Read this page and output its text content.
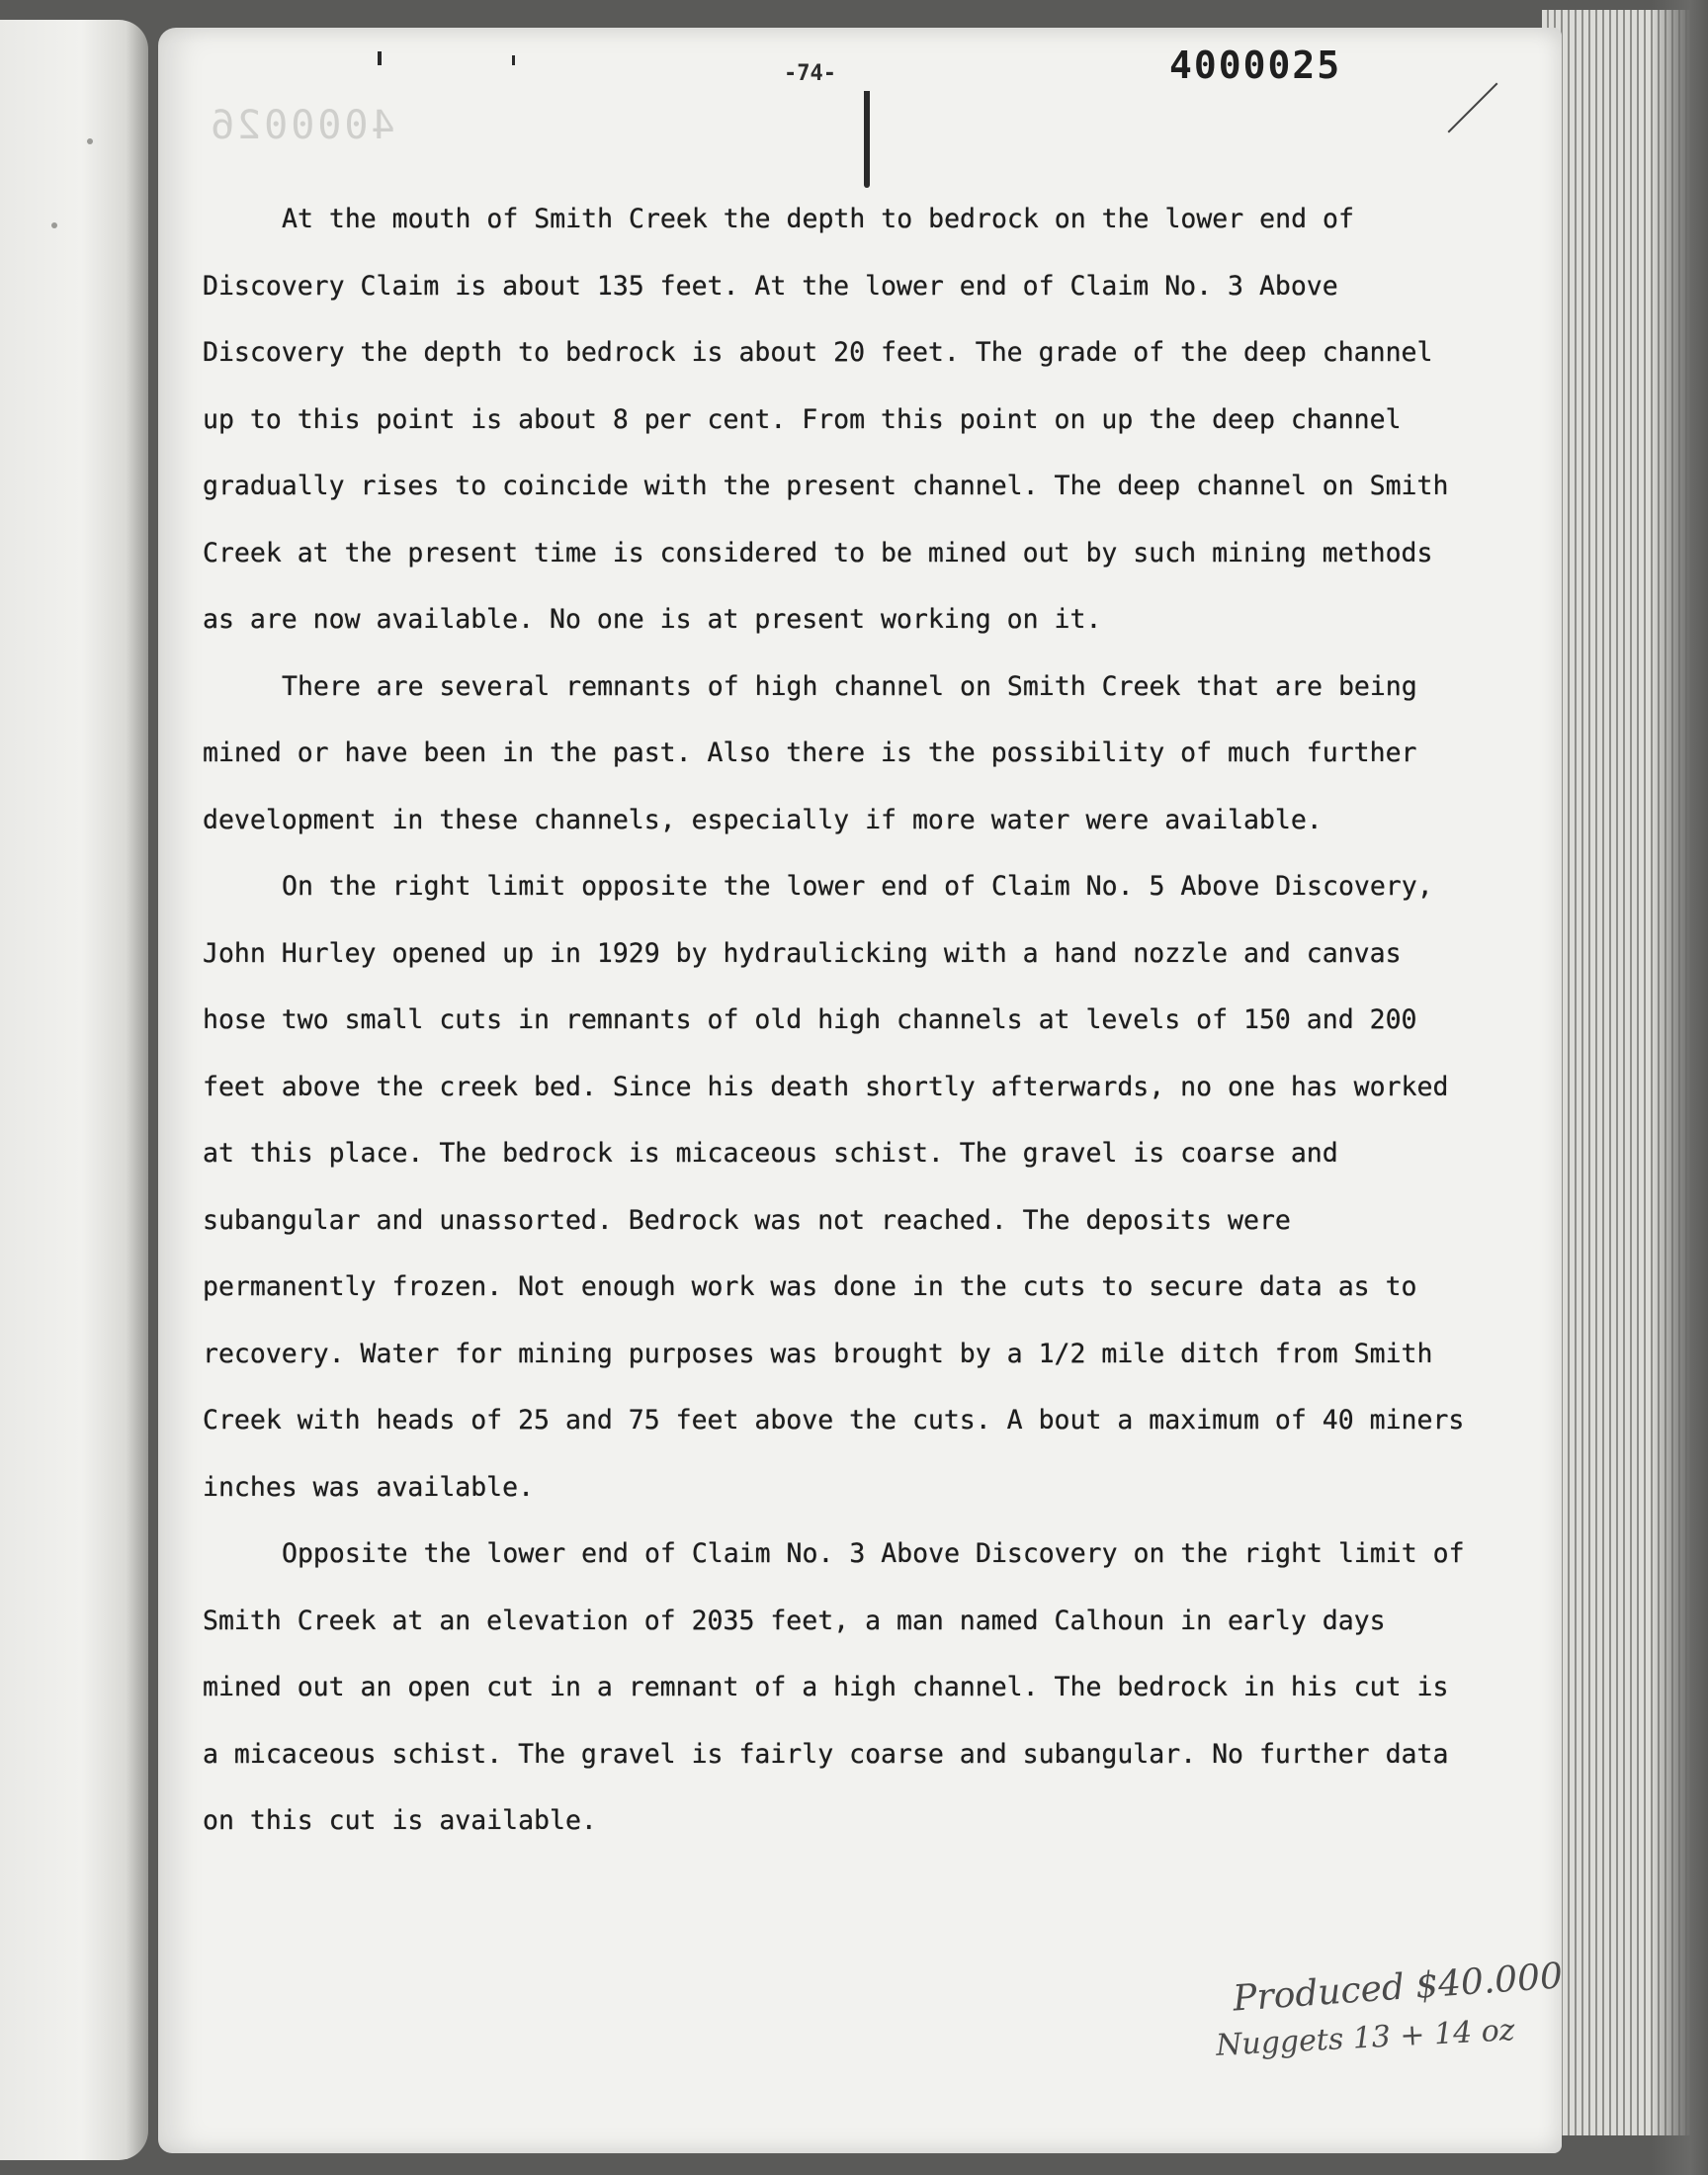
4000026
-74-	4000025

At the mouth of Smith Creek the depth to bedrock on the lower end of Discovery Claim is about 135 feet. At the lower end of Claim No. 3 Above Discovery the depth to bedrock is about 20 feet. The grade of the deep channel up to this point is about 8 per cent. From this point on up the deep channel gradually rises to coincide with the present channel. The deep channel on Smith Creek at the present time is considered to be mined out by such mining methods as are now available. No one is at present working on it.

There are several remnants of high channel on Smith Creek that are being mined or have been in the past. Also there is the possibility of much further development in these channels, especially if more water were available.

On the right limit opposite the lower end of Claim No. 5 Above Discovery, John Hurley opened up in 1929 by hydraulicking with a hand nozzle and canvas hose two small cuts in remnants of old high channels at levels of 150 and 200 feet above the creek bed. Since his death shortly afterwards, no one has worked at this place. The bedrock is micaceous schist. The gravel is coarse and subangular and unassorted. Bedrock was not reached. The deposits were permanently frozen. Not enough work was done in the cuts to secure data as to recovery. Water for mining purposes was brought by a 1/2 mile ditch from Smith Creek with heads of 25 and 75 feet above the cuts. A bout a maximum of 40 miners inches was available.

Opposite the lower end of Claim No. 3 Above Discovery on the right limit of Smith Creek at an elevation of 2035 feet, a man named Calhoun in early days mined out an open cut in a remnant of a high channel. The bedrock in his cut is a micaceous schist. The gravel is fairly coarse and subangular. No further data on this cut is available.

Produced $40.000
Nuggets 13 + 14 oz
